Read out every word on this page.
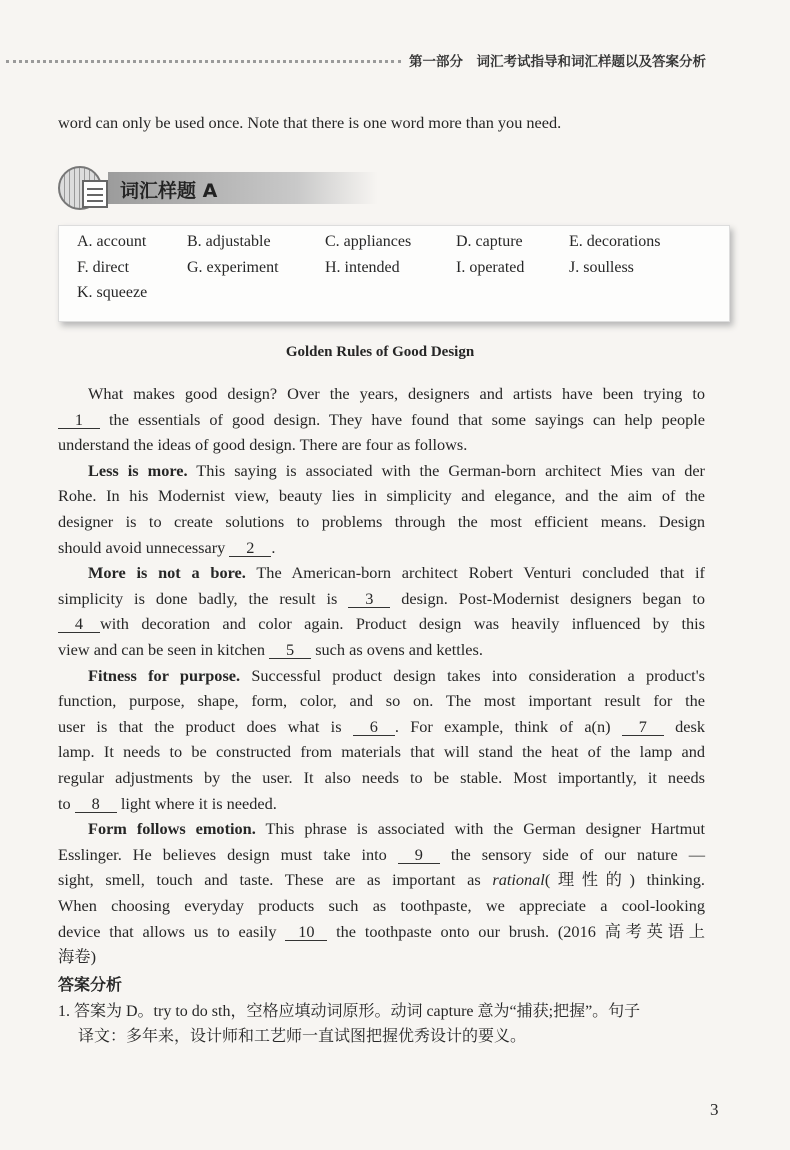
第一部分　词汇考试指导和词汇样题以及答案分析
word can only be used once. Note that there is one word more than you need.
词汇样题 A
A. account	B. adjustable	C. appliances	D. capture	E. decorations
F. direct	G. experiment	H. intended	I. operated	J. soulless
K. squeeze
Golden Rules of Good Design
What makes good design? Over the years, designers and artists have been trying to
1 the essentials of good design. They have found that some sayings can help people
understand the ideas of good design. There are four as follows.
Less is more. This saying is associated with the German-born architect Mies van der
Rohe. In his Modernist view, beauty lies in simplicity and elegance, and the aim of the
designer is to create solutions to problems through the most efficient means. Design
should avoid unnecessary 2 .
More is not a bore. The American-born architect Robert Venturi concluded that if
simplicity is done badly, the result is 3 design. Post-Modernist designers began to
4 with decoration and color again. Product design was heavily influenced by this
view and can be seen in kitchen 5 such as ovens and kettles.
Fitness for purpose. Successful product design takes into consideration a product's
function, purpose, shape, form, color, and so on. The most important result for the
user is that the product does what is 6 . For example, think of a(n) 7 desk
lamp. It needs to be constructed from materials that will stand the heat of the lamp and
regular adjustments by the user. It also needs to be stable. Most importantly, it needs
to 8 light where it is needed.
Form follows emotion. This phrase is associated with the German designer Hartmut
Esslinger. He believes design must take into 9 the sensory side of our nature —
sight, smell, touch and taste. These are as important as rational(理性的) thinking.
When choosing everyday products such as toothpaste, we appreciate a cool-looking
device that allows us to easily 10 the toothpaste onto our brush. (2016 高考英语上
海卷)
答案分析
1. 答案为 D。try to do sth，空格应填动词原形。动词 capture 意为“捕获;把握”。句子
译文：多年来，设计师和工艺师一直试图把握优秀设计的要义。
3
